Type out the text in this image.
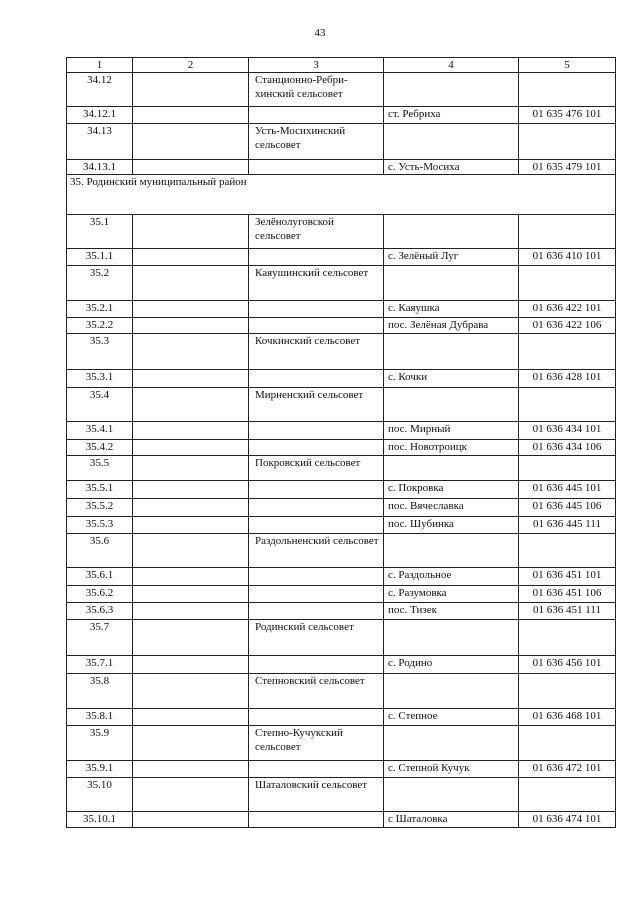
43
1	2	3	4	5
34.12		Станционно-Ребри-хинский сельсовет		
34.12.1			ст. Ребриха	01 635 476 101
34.13		Усть-Мосихинский сельсовет		
34.13.1			с. Усть-Мосиха	01 635 479 101
35. Родинский муниципальный район				
35.1		Зелёнолуговской сельсовет		
35.1.1			с. Зелёный Луг	01 636 410 101
35.2		Каяушинский сельсовет		
35.2.1			с. Каяушка	01 636 422 101
35.2.2			пос. Зелёная Дубрава	01 636 422 106
35.3		Кочкинский сельсовет		
35.3.1			с. Кочки	01 636 428 101
35.4		Мирненский сельсовет		
35.4.1			пос. Мирный	01 636 434 101
35.4.2			пос. Новотроицк	01 636 434 106
35.5		Покровский сельсовет		
35.5.1			с. Покровка	01 636 445 101
35.5.2			пос. Вячеславка	01 636 445 106
35.5.3			пос. Шубинка	01 636 445 111
35.6		Раздольненский сельсовет		
35.6.1			с. Раздольное	01 636 451 101
35.6.2			с. Разумовка	01 636 451 106
35.6.3			пос. Тизек	01 636 451 111
35.7		Родинский сельсовет		
35.7.1			с. Родино	01 636 456 101
35.8		Степновский сельсовет		
35.8.1			с. Степное	01 636 468 101
35.9		Степно-Кучукский сельсовет		
35.9.1			с. Степной Кучук	01 636 472 101
35.10		Шаталовский сельсовет		
35.10.1			с Шаталовка	01 636 474 101
